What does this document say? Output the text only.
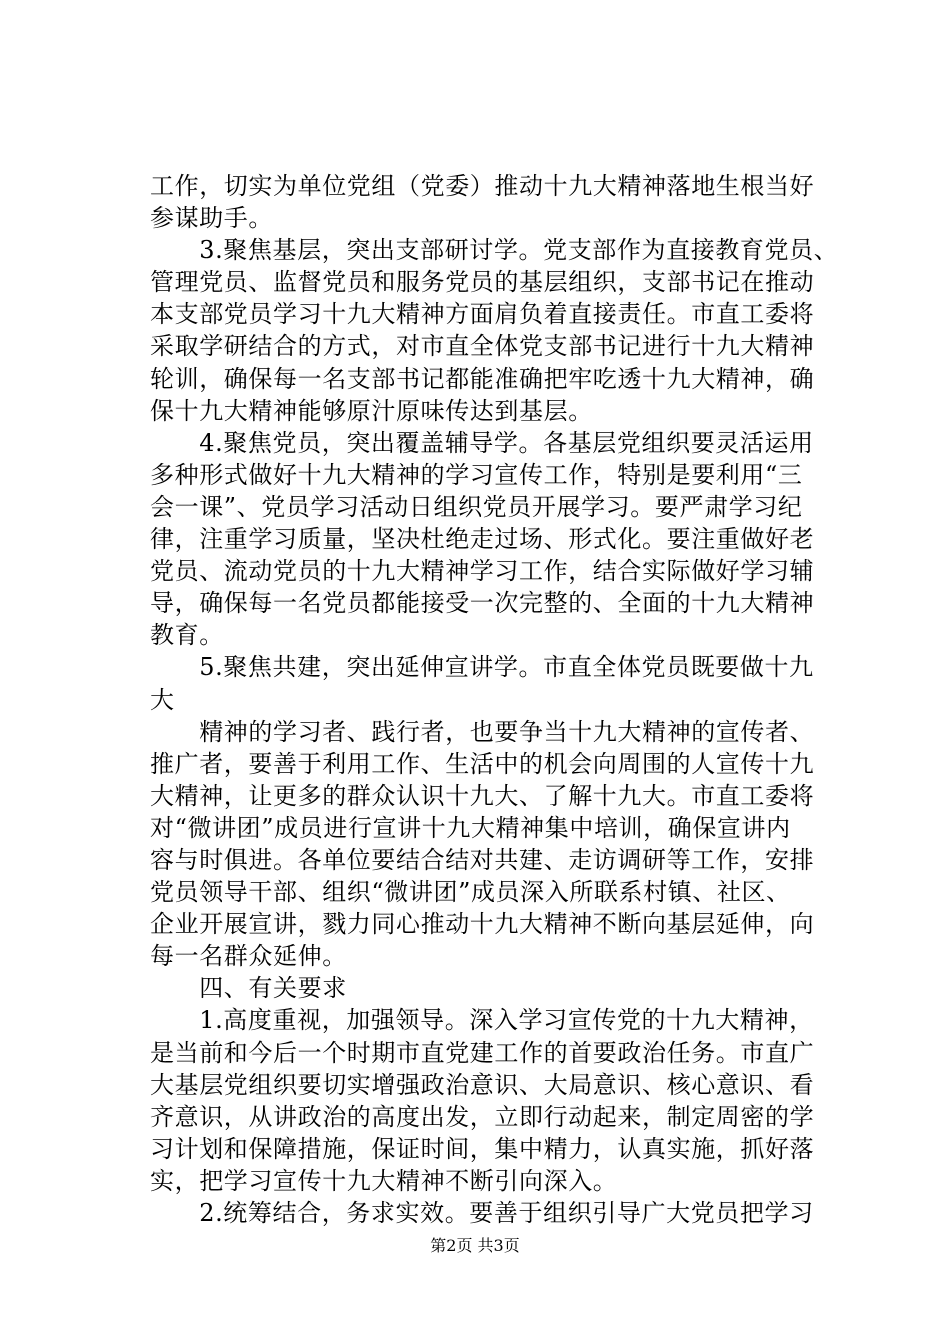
工作，切实为单位党组（党委）推动十九大精神落地生根当好
参谋助手。
　　3.聚焦基层，突出支部研讨学。党支部作为直接教育党员、
管理党员、监督党员和服务党员的基层组织，支部书记在推动
本支部党员学习十九大精神方面肩负着直接责任。市直工委将
采取学研结合的方式，对市直全体党支部书记进行十九大精神
轮训，确保每一名支部书记都能准确把牢吃透十九大精神，确
保十九大精神能够原汁原味传达到基层。
　　4.聚焦党员，突出覆盖辅导学。各基层党组织要灵活运用
多种形式做好十九大精神的学习宣传工作，特别是要利用“三
会一课”、党员学习活动日组织党员开展学习。要严肃学习纪
律，注重学习质量，坚决杜绝走过场、形式化。要注重做好老
党员、流动党员的十九大精神学习工作，结合实际做好学习辅
导，确保每一名党员都能接受一次完整的、全面的十九大精神
教育。
　　5.聚焦共建，突出延伸宣讲学。市直全体党员既要做十九
大
　　精神的学习者、践行者，也要争当十九大精神的宣传者、
推广者，要善于利用工作、生活中的机会向周围的人宣传十九
大精神，让更多的群众认识十九大、了解十九大。市直工委将
对“微讲团”成员进行宣讲十九大精神集中培训，确保宣讲内
容与时俱进。各单位要结合结对共建、走访调研等工作，安排
党员领导干部、组织“微讲团”成员深入所联系村镇、社区、
企业开展宣讲，戮力同心推动十九大精神不断向基层延伸，向
每一名群众延伸。
　　四、有关要求
　　1.高度重视，加强领导。深入学习宣传党的十九大精神，
是当前和今后一个时期市直党建工作的首要政治任务。市直广
大基层党组织要切实增强政治意识、大局意识、核心意识、看
齐意识，从讲政治的高度出发，立即行动起来，制定周密的学
习计划和保障措施，保证时间，集中精力，认真实施，抓好落
实，把学习宣传十九大精神不断引向深入。
　　2.统筹结合，务求实效。要善于组织引导广大党员把学习
第2页 共3页
